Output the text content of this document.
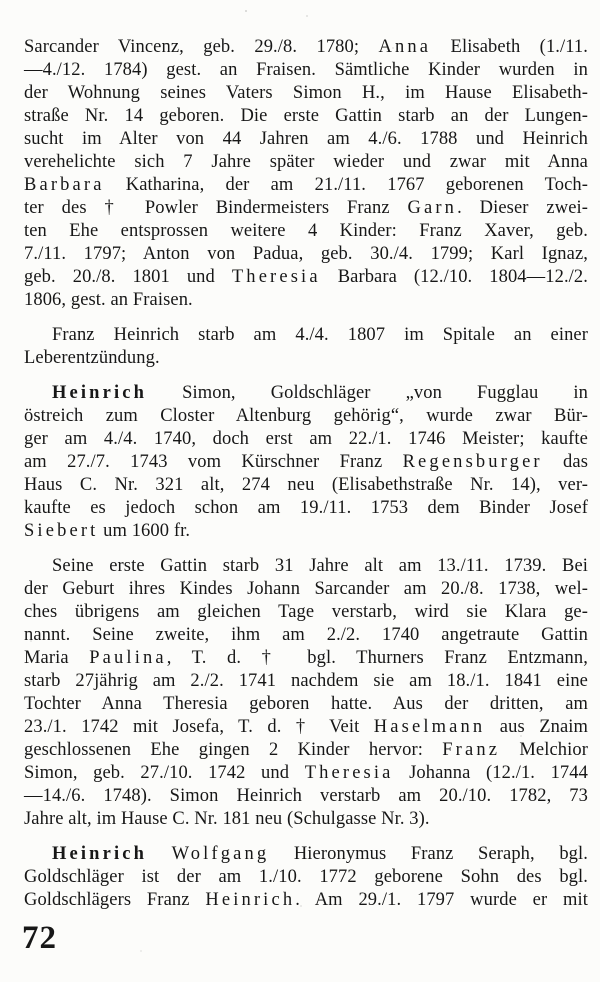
Sarcander Vincenz, geb. 29./8. 1780; Anna Elisabeth (1./11.
—4./12. 1784) gest. an Fraisen. Sämtliche Kinder wurden in
der Wohnung seines Vaters Simon H., im Hause Elisabeth-
straße Nr. 14 geboren. Die erste Gattin starb an der Lungen-
sucht im Alter von 44 Jahren am 4./6. 1788 und Heinrich
verehelichte sich 7 Jahre später wieder und zwar mit Anna
Barbara Katharina, der am 21./11. 1767 geborenen Toch-
ter des † Powler Bindermeisters Franz Garn. Dieser zwei-
ten Ehe entsprossen weitere 4 Kinder: Franz Xaver, geb.
7./11. 1797; Anton von Padua, geb. 30./4. 1799; Karl Ignaz,
geb. 20./8. 1801 und Theresia Barbara (12./10. 1804—12./2.
1806, gest. an Fraisen.
Franz Heinrich starb am 4./4. 1807 im Spitale an einer
Leberentzündung.
Heinrich Simon, Goldschläger „von Fugglau in
östreich zum Closter Altenburg gehörig“, wurde zwar Bür-
ger am 4./4. 1740, doch erst am 22./1. 1746 Meister; kaufte
am 27./7. 1743 vom Kürschner Franz Regensburger das
Haus C. Nr. 321 alt, 274 neu (Elisabethstraße Nr. 14), ver-
kaufte es jedoch schon am 19./11. 1753 dem Binder Josef
Siebert um 1600 fr.
Seine erste Gattin starb 31 Jahre alt am 13./11. 1739. Bei
der Geburt ihres Kindes Johann Sarcander am 20./8. 1738, wel-
ches übrigens am gleichen Tage verstarb, wird sie Klara ge-
nannt. Seine zweite, ihm am 2./2. 1740 angetraute Gattin
Maria Paulina, T. d. † bgl. Thurners Franz Entzmann,
starb 27jährig am 2./2. 1741 nachdem sie am 18./1. 1841 eine
Tochter Anna Theresia geboren hatte. Aus der dritten, am
23./1. 1742 mit Josefa, T. d. † Veit Haselmann aus Znaim
geschlossenen Ehe gingen 2 Kinder hervor: Franz Melchior
Simon, geb. 27./10. 1742 und Theresia Johanna (12./1. 1744
—14./6. 1748). Simon Heinrich verstarb am 20./10. 1782, 73
Jahre alt, im Hause C. Nr. 181 neu (Schulgasse Nr. 3).
Heinrich Wolfgang Hieronymus Franz Seraph, bgl.
Goldschläger ist der am 1./10. 1772 geborene Sohn des bgl.
Goldschlägers Franz Heinrich. Am 29./1. 1797 wurde er mit
72
